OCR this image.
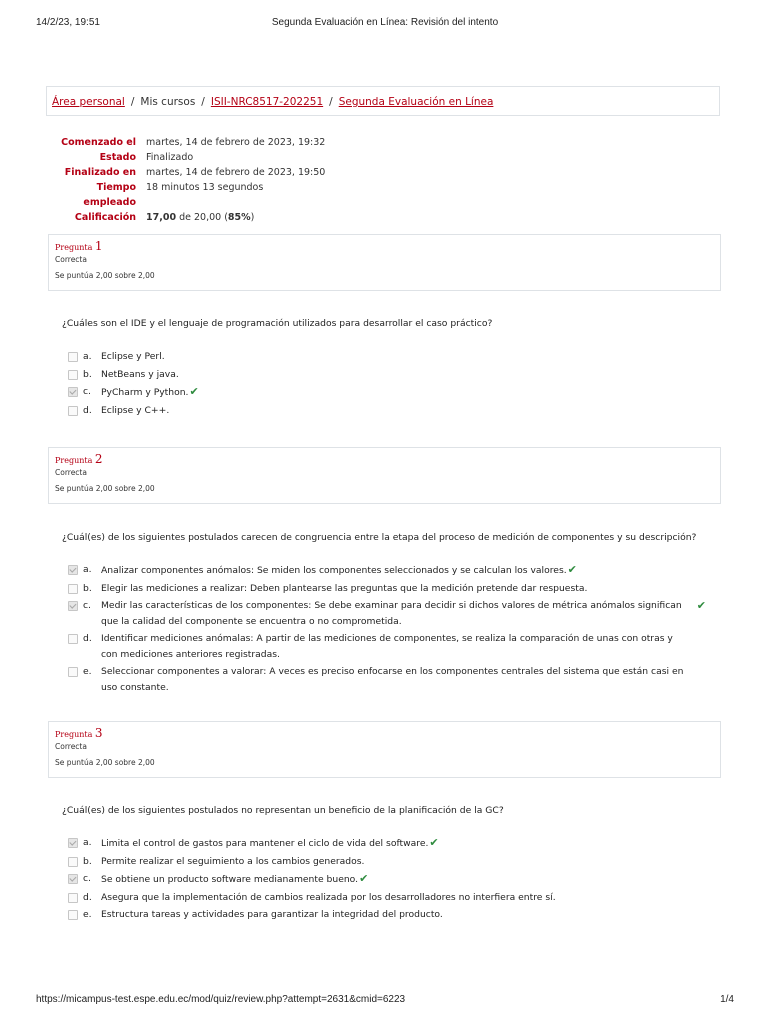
14/2/23, 19:51	Segunda Evaluación en Línea: Revisión del intento
Área personal / Mis cursos / ISII-NRC8517-202251 / Segunda Evaluación en Línea
Comenzado el	martes, 14 de febrero de 2023, 19:32
Estado	Finalizado
Finalizado en	martes, 14 de febrero de 2023, 19:50
Tiempo empleado
18 minutos 13 segundos
Calificación	17,00 de 20,00 (85%)
Pregunta 1
Correcta
Se puntúa 2,00 sobre 2,00
¿Cuáles son el IDE y el lenguaje de programación utilizados para desarrollar el caso práctico?
a. Eclipse y Perl.
b. NetBeans y java.
c. PyCharm y Python.✔
d. Eclipse y C++.
Pregunta 2
Correcta
Se puntúa 2,00 sobre 2,00
¿Cuál(es) de los siguientes postulados carecen de congruencia entre la etapa del proceso de medición de componentes y su descripción?
a. Analizar componentes anómalos: Se miden los componentes seleccionados y se calculan los valores.✔
b. Elegir las mediciones a realizar: Deben plantearse las preguntas que la medición pretende dar respuesta.
c. Medir las características de los componentes: Se debe examinar para decidir si dichos valores de métrica anómalos significan que la calidad del componente se encuentra o no comprometida.
✔
d. Identificar mediciones anómalas: A partir de las mediciones de componentes, se realiza la comparación de unas con otras y con mediciones anteriores registradas.
e. Seleccionar componentes a valorar: A veces es preciso enfocarse en los componentes centrales del sistema que están casi en uso constante.
Pregunta 3
Correcta
Se puntúa 2,00 sobre 2,00
¿Cuál(es) de los siguientes postulados no representan un beneficio de la planificación de la GC?
a. Limita el control de gastos para mantener el ciclo de vida del software.✔
b. Permite realizar el seguimiento a los cambios generados.
c. Se obtiene un producto software medianamente bueno.✔
d. Asegura que la implementación de cambios realizada por los desarrolladores no interfiera entre sí.
e. Estructura tareas y actividades para garantizar la integridad del producto.
https://micampus-test.espe.edu.ec/mod/quiz/review.php?attempt=2631&cmid=6223	1/4
